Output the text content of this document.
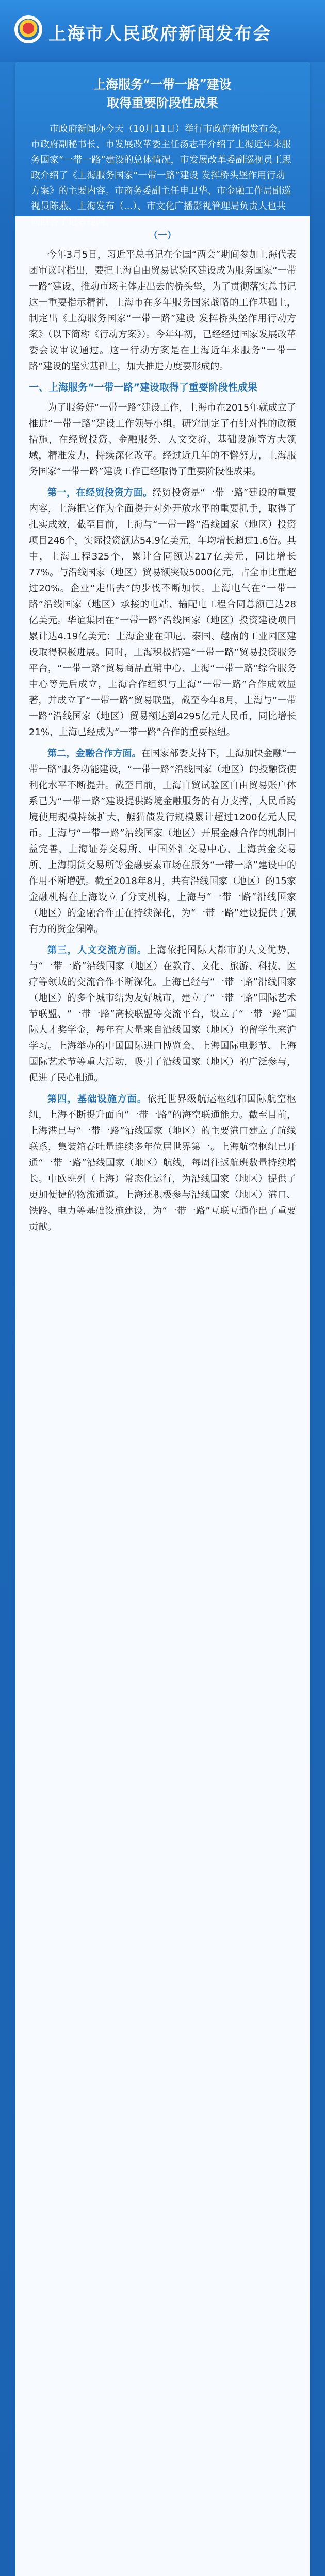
上海市人民政府新闻发布会
上海服务“一带一路”建设
取得重要阶段性成果

市政府新闻办今天（10月11日）举行市政府新闻发布会，市政府副秘书长、市发展改革委主任汤志平介绍了上海近年来服务国家“一带一路”建设的总体情况，市发展改革委副巡视员王思政介绍了《上海服务国家“一带一路”建设 发挥桥头堡作用行动方案》的主要内容。市商务委副主任申卫华、市金融工作局副巡视员陈燕、上海发布（...）、市文化广播影视管理局负责人也共同回答了记者提问。

（一）

今年3月5日，习近平总书记在全国“两会”期间参加上海代表团审议时指出，要把上海自由贸易试验区建设成为服务国家“一带一路”建设、推动市场主体走出去的桥头堡，为了贯彻落实总书记这一重要指示精神，上海市在多年服务国家战略的工作基础上，制定出《上海服务国家“一带一路”建设 发挥桥头堡作用行动方案》（以下简称《行动方案》）。今年年初，已经经过国家发展改革委会议审议通过。这一行动方案是在上海近年来服务“一带一路”建设的坚实基础上，加大推进力度要形成的。

一、上海服务“一带一路”建设取得了重要阶段性成果

为了服务好“一带一路”建设工作，上海市在2015年就成立了推进“一带一路”建设工作领导小组。研究制定了有针对性的政策措施，在经贸投资、金融服务、人文交流、基础设施等方大领域，精准发力，持续深化改革。经过近几年的不懈努力，上海服务国家“一带一路”建设工作已经取得了重要阶段性成果。

第一，在经贸投资方面。经贸投资是“一带一路”建设的重要内容，上海把它作为全面提升对外开放水平的重要抓手，取得了扎实成效，截至目前，上海与“一带一路”沿线国家（地区）投资项目246个，实际投资额达54.9亿美元，年均增长超过1.6倍。其中，上海工程325个，累计合同额达217亿美元，同比增长77%。与沿线国家（地区）贸易额突破5000亿元，占全市比重超过20%。企业“走出去”的步伐不断加快。上海电气在“一带一路”沿线国家（地区）承接的电站、输配电工程合同总额已达28亿美元。华谊集团在“一带一路”沿线国家（地区）投资建设项目累计达4.19亿美元；上海企业在印尼、泰国、越南的工业园区建设取得积极进展。同时，上海积极搭建“一带一路”贸易投资服务平台，“一带一路”贸易商品直销中心、上海“一带一路”综合服务中心等先后成立，上海合作组织与上海“一带一路”合作成效显著，并成立了“一带一路”贸易联盟，截至今年8月，上海与“一带一路”沿线国家（地区）贸易额达到4295亿元人民币，同比增长21%，上海已经成为“一带一路”合作的重要枢纽。

第二，金融合作方面。在国家部委支持下，上海加快金融“一带一路”服务功能建设，“一带一路”沿线国家（地区）的投融资便利化水平不断提升。截至目前，上海自贸试验区自由贸易账户体系已为“一带一路”建设提供跨境金融服务的有力支撑，人民币跨境使用规模持续扩大，熊猫债发行规模累计超过1200亿元人民币。上海与“一带一路”沿线国家（地区）开展金融合作的机制日益完善，上海证券交易所、中国外汇交易中心、上海黄金交易所、上海期货交易所等金融要素市场在服务“一带一路”建设中的作用不断增强。截至2018年8月，共有沿线国家（地区）的15家金融机构在上海设立了分支机构，上海与“一带一路”沿线国家（地区）的金融合作正在持续深化，为“一带一路”建设提供了强有力的资金保障。

第三，人文交流方面。上海依托国际大都市的人文优势，与“一带一路”沿线国家（地区）在教育、文化、旅游、科技、医疗等领域的交流合作不断深化。上海已经与“一带一路”沿线国家（地区）的多个城市结为友好城市，建立了“一带一路”国际艺术节联盟、“一带一路”高校联盟等交流平台，设立了“一带一路”国际人才奖学金，每年有大量来自沿线国家（地区）的留学生来沪学习。上海举办的中国国际进口博览会、上海国际电影节、上海国际艺术节等重大活动，吸引了沿线国家（地区）的广泛参与，促进了民心相通。

第四，基础设施方面。依托世界级航运枢纽和国际航空枢纽，上海不断提升面向“一带一路”的海空联通能力。截至目前，上海港已与“一带一路”沿线国家（地区）的主要港口建立了航线联系，集装箱吞吐量连续多年位居世界第一。上海航空枢纽已开通“一带一路”沿线国家（地区）航线，每周往返航班数量持续增长。中欧班列（上海）常态化运行，为沿线国家（地区）提供了更加便捷的物流通道。上海还积极参与沿线国家（地区）港口、铁路、电力等基础设施建设，为“一带一路”互联互通作出了重要贡献。
